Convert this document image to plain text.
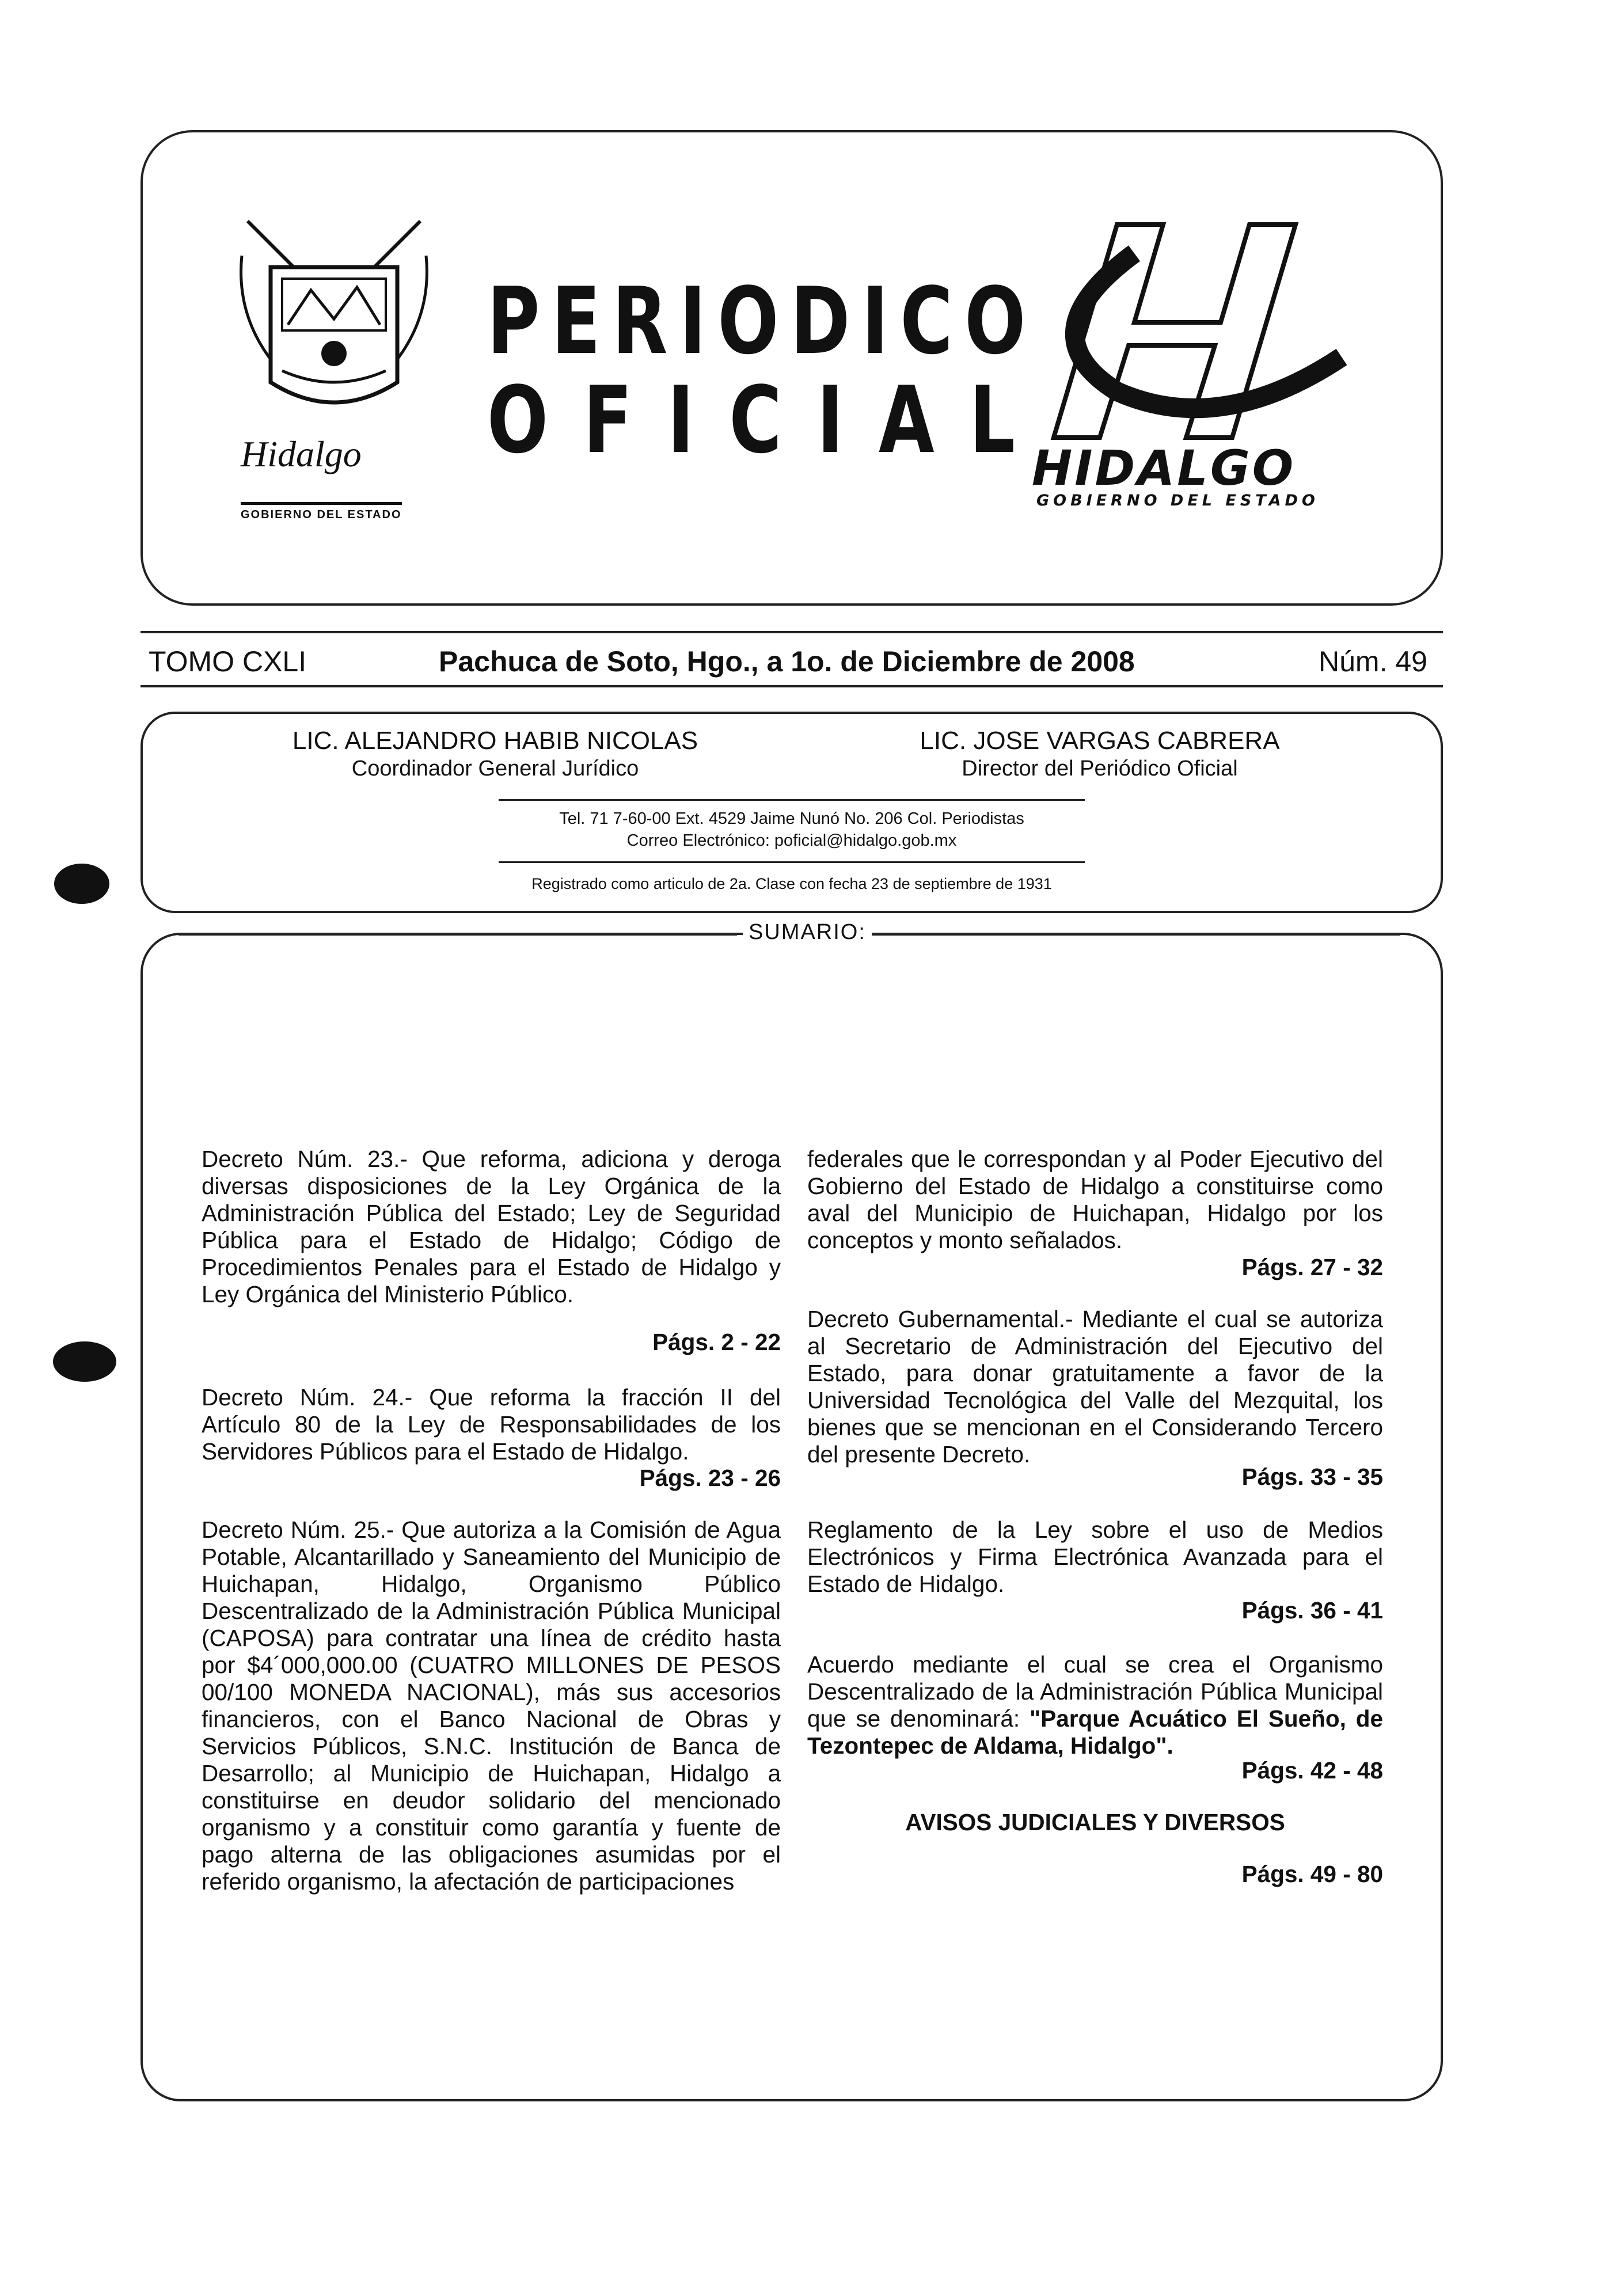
Hidalgo
GOBIERNO DEL ESTADO
PERIODICO
OFICIAL
HIDALGO
GOBIERNO DEL ESTADO
TOMO CXLI	Pachuca de Soto, Hgo., a 1o. de Diciembre de 2008	Núm. 49
LIC. ALEJANDRO HABIB NICOLAS
Coordinador General Jurídico
LIC. JOSE VARGAS CABRERA
Director del Periódico Oficial
Tel. 71 7-60-00 Ext. 4529 Jaime Nunó No. 206 Col. Periodistas
Correo Electrónico: poficial@hidalgo.gob.mx
Registrado como articulo de 2a. Clase con fecha 23 de septiembre de 1931
SUMARIO:
Decreto Núm. 23.- Que reforma, adiciona y deroga diversas disposiciones de la Ley Orgánica de la Administración Pública del Estado; Ley de Seguridad Pública para el Estado de Hidalgo; Código de Procedimientos Penales para el Estado de Hidalgo y Ley Orgánica del Ministerio Público.
Págs. 2 - 22
Decreto Núm. 24.- Que reforma la fracción II del Artículo 80 de la Ley de Responsabilidades de los Servidores Públicos para el Estado de Hidalgo.
Págs. 23 - 26
Decreto Núm. 25.- Que autoriza a la Comisión de Agua Potable, Alcantarillado y Saneamiento del Municipio de Huichapan, Hidalgo, Organismo Público Descentralizado de la Administración Pública Municipal (CAPOSA) para contratar una línea de crédito hasta por $4´000,000.00 (CUATRO MILLONES DE PESOS 00/100 MONEDA NACIONAL), más sus accesorios financieros, con el Banco Nacional de Obras y Servicios Públicos, S.N.C. Institución de Banca de Desarrollo; al Municipio de Huichapan, Hidalgo a constituirse en deudor solidario del mencionado organismo y a constituir como garantía y fuente de pago alterna de las obligaciones asumidas por el referido organismo, la afectación de participaciones
federales que le correspondan y al Poder Ejecutivo del Gobierno del Estado de Hidalgo a constituirse como aval del Municipio de Huichapan, Hidalgo por los conceptos y monto señalados.
Págs. 27 - 32
Decreto Gubernamental.- Mediante el cual se autoriza al Secretario de Administración del Ejecutivo del Estado, para donar gratuitamente a favor de la Universidad Tecnológica del Valle del Mezquital, los bienes que se mencionan en el Considerando Tercero del presente Decreto.
Págs. 33 - 35
Reglamento de la Ley sobre el uso de Medios Electrónicos y Firma Electrónica Avanzada para el Estado de Hidalgo.
Págs. 36 - 41
Acuerdo mediante el cual se crea el Organismo Descentralizado de la Administración Pública Municipal que se denominará: "Parque Acuático El Sueño, de Tezontepec de Aldama, Hidalgo".
Págs. 42 - 48
AVISOS JUDICIALES Y DIVERSOS
Págs. 49 - 80
